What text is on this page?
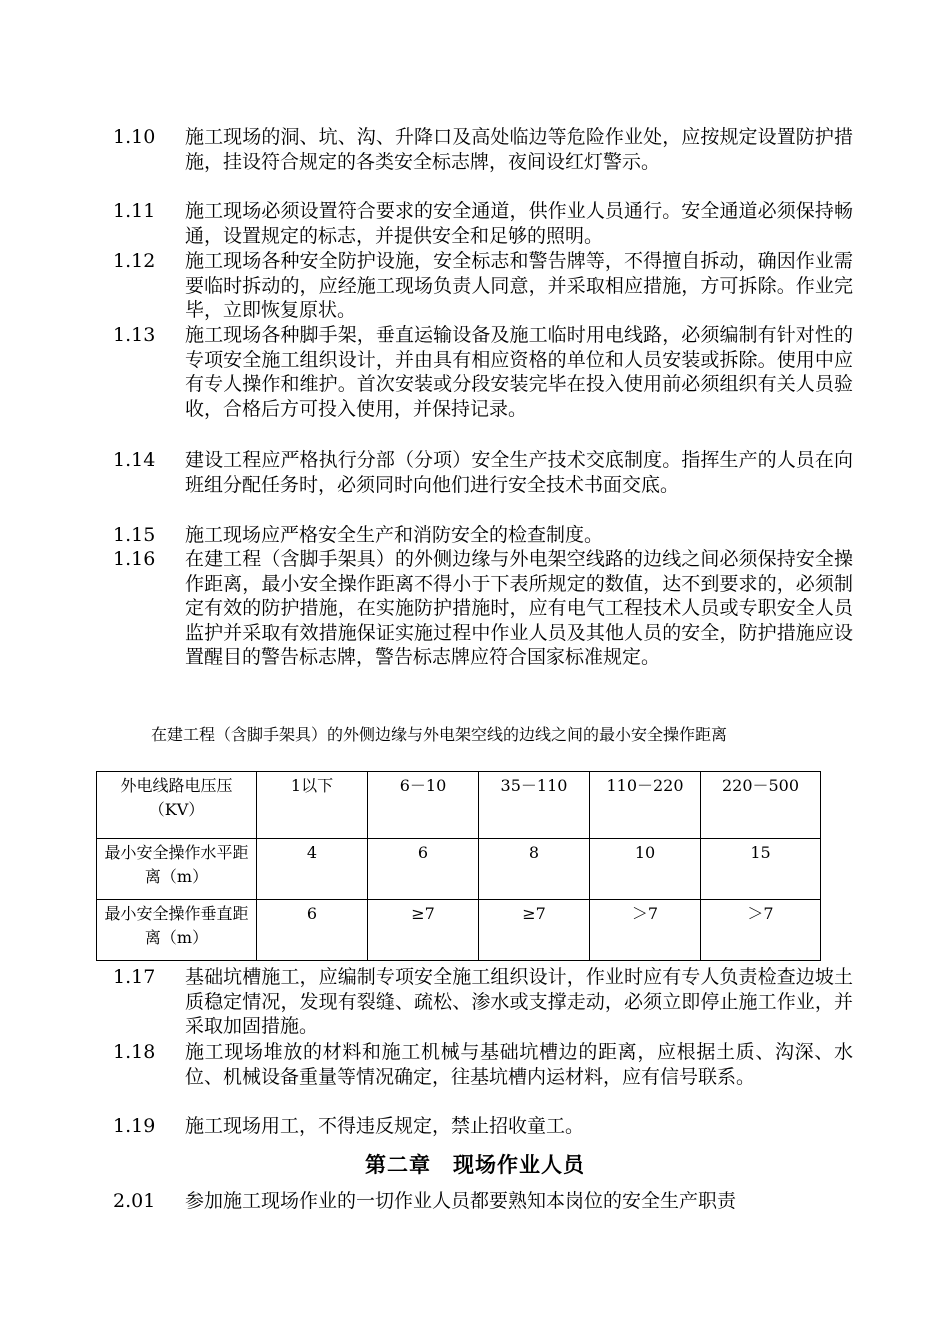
1.10	施工现场的洞、坑、沟、升降口及高处临边等危险作业处，应按规定设置防护措施，挂设符合规定的各类安全标志牌，夜间设红灯警示。
1.11	施工现场必须设置符合要求的安全通道，供作业人员通行。安全通道必须保持畅通，设置规定的标志，并提供安全和足够的照明。
1.12	施工现场各种安全防护设施，安全标志和警告牌等，不得擅自拆动，确因作业需要临时拆动的，应经施工现场负责人同意，并采取相应措施，方可拆除。作业完毕，立即恢复原状。
1.13	施工现场各种脚手架，垂直运输设备及施工临时用电线路，必须编制有针对性的专项安全施工组织设计，并由具有相应资格的单位和人员安装或拆除。使用中应有专人操作和维护。首次安装或分段安装完毕在投入使用前必须组织有关人员验收，合格后方可投入使用，并保持记录。
1.14	建设工程应严格执行分部（分项）安全生产技术交底制度。指挥生产的人员在向班组分配任务时，必须同时向他们进行安全技术书面交底。
1.15	施工现场应严格安全生产和消防安全的检查制度。
1.16	在建工程（含脚手架具）的外侧边缘与外电架空线路的边线之间必须保持安全操作距离，最小安全操作距离不得小于下表所规定的数值，达不到要求的，必须制定有效的防护措施，在实施防护措施时，应有电气工程技术人员或专职安全人员监护并采取有效措施保证实施过程中作业人员及其他人员的安全，防护措施应设置醒目的警告标志牌，警告标志牌应符合国家标准规定。
在建工程（含脚手架具）的外侧边缘与外电架空线的边线之间的最小安全操作距离
外电线路电压压（KV）	1以下	6－10	35－110	110－220	220－500
最小安全操作水平距离（m）	4	6	8	10	15
最小安全操作垂直距离（m）	6	≥7	≥7	＞7	＞7
1.17	基础坑槽施工，应编制专项安全施工组织设计，作业时应有专人负责检查边坡土质稳定情况，发现有裂缝、疏松、渗水或支撑走动，必须立即停止施工作业，并采取加固措施。
1.18	施工现场堆放的材料和施工机械与基础坑槽边的距离，应根据土质、沟深、水位、机械设备重量等情况确定，往基坑槽内运材料，应有信号联系。
1.19	施工现场用工，不得违反规定，禁止招收童工。
第二章　现场作业人员
2.01	参加施工现场作业的一切作业人员都要熟知本岗位的安全生产职责
